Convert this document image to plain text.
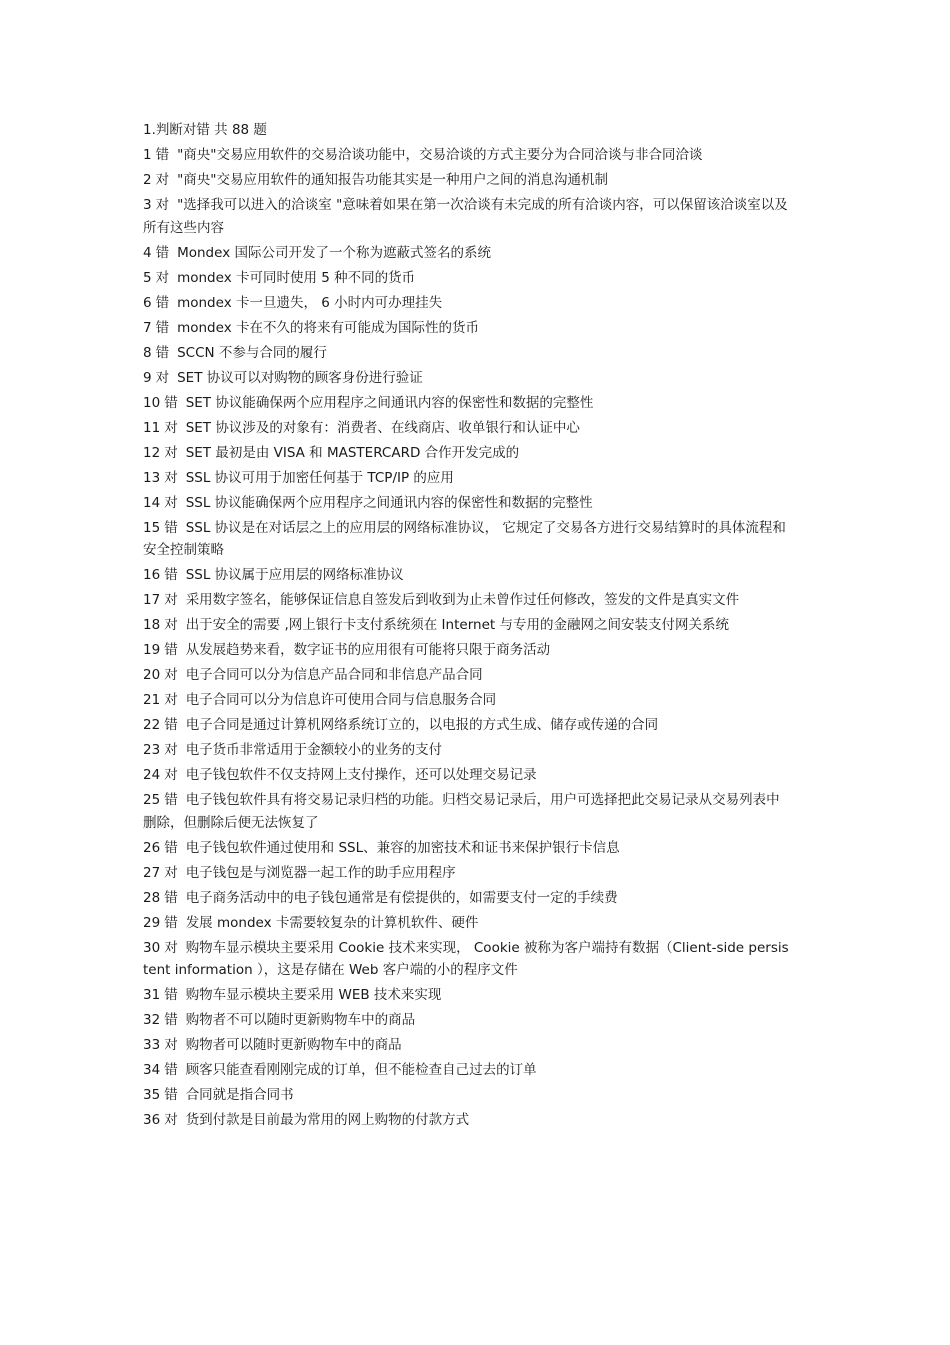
1.判断对错 共 88 题
1 错 "商央"交易应用软件的交易洽谈功能中，交易洽谈的方式主要分为合同洽谈与非合同洽谈
2 对 "商央"交易应用软件的通知报告功能其实是一种用户之间的消息沟通机制
3 对 "选择我可以进入的洽谈室 "意味着如果在第一次洽谈有未完成的所有洽谈内容，可以保留该洽谈室以及所有这些内容
4 错 Mondex 国际公司开发了一个称为遮蔽式签名的系统
5 对 mondex 卡可同时使用 5 种不同的货币
6 错 mondex 卡一旦遗失， 6 小时内可办理挂失
7 错 mondex 卡在不久的将来有可能成为国际性的货币
8 错 SCCN 不参与合同的履行
9 对 SET 协议可以对购物的顾客身份进行验证
10 错 SET 协议能确保两个应用程序之间通讯内容的保密性和数据的完整性
11 对 SET 协议涉及的对象有：消费者、在线商店、收单银行和认证中心
12 对 SET 最初是由 VISA 和 MASTERCARD 合作开发完成的
13 对 SSL 协议可用于加密任何基于 TCP/IP 的应用
14 对 SSL 协议能确保两个应用程序之间通讯内容的保密性和数据的完整性
15 错 SSL 协议是在对话层之上的应用层的网络标准协议， 它规定了交易各方进行交易结算时的具体流程和安全控制策略
16 错 SSL 协议属于应用层的网络标准协议
17 对 采用数字签名，能够保证信息自签发后到收到为止未曾作过任何修改，签发的文件是真实文件
18 对 出于安全的需要 ,网上银行卡支付系统须在 Internet 与专用的金融网之间安装支付网关系统
19 错 从发展趋势来看，数字证书的应用很有可能将只限于商务活动
20 对 电子合同可以分为信息产品合同和非信息产品合同
21 对 电子合同可以分为信息许可使用合同与信息服务合同
22 错 电子合同是通过计算机网络系统订立的，以电报的方式生成、储存或传递的合同
23 对 电子货币非常适用于金额较小的业务的支付
24 对 电子钱包软件不仅支持网上支付操作，还可以处理交易记录
25 错 电子钱包软件具有将交易记录归档的功能。归档交易记录后，用户可选择把此交易记录从交易列表中删除，但删除后便无法恢复了
26 错 电子钱包软件通过使用和 SSL、兼容的加密技术和证书来保护银行卡信息
27 对 电子钱包是与浏览器一起工作的助手应用程序
28 错 电子商务活动中的电子钱包通常是有偿提供的，如需要支付一定的手续费
29 错 发展 mondex 卡需要较复杂的计算机软件、硬件
30 对 购物车显示模块主要采用 Cookie 技术来实现， Cookie 被称为客户端持有数据（Client-side persistent information ），这是存储在 Web 客户端的小的程序文件
31 错 购物车显示模块主要采用 WEB 技术来实现
32 错 购物者不可以随时更新购物车中的商品
33 对 购物者可以随时更新购物车中的商品
34 错 顾客只能查看刚刚完成的订单，但不能检查自己过去的订单
35 错 合同就是指合同书
36 对 货到付款是目前最为常用的网上购物的付款方式
